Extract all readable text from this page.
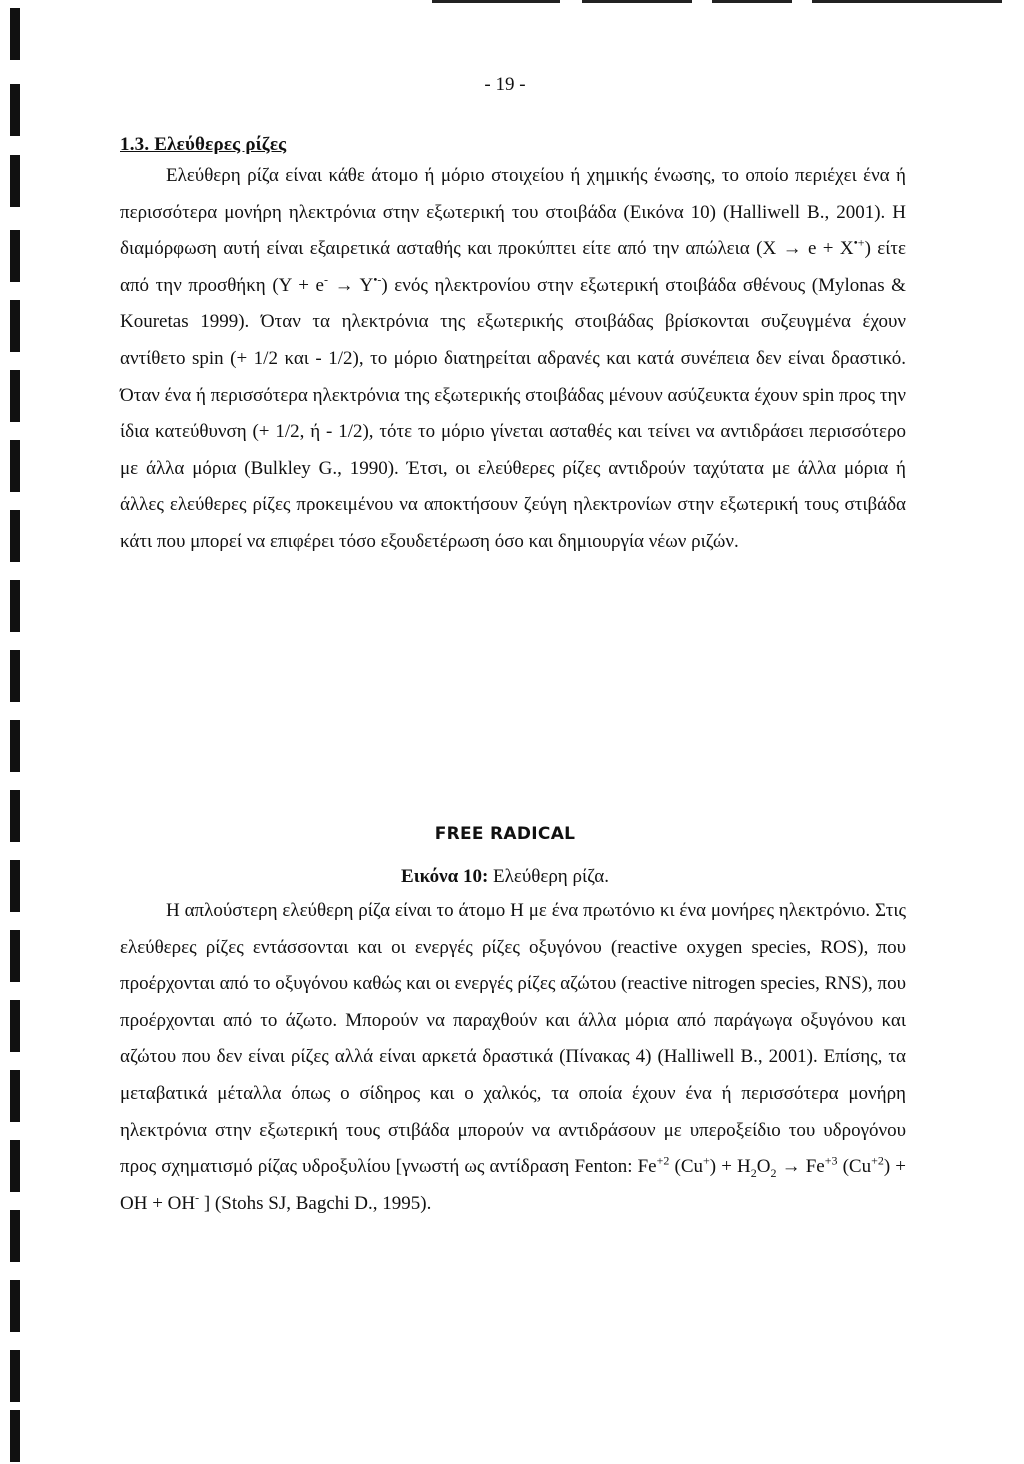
- 19 -
1.3. Ελεύθερες ρίζες

Ελεύθερη ρίζα είναι κάθε άτομο ή μόριο στοιχείου ή χημικής ένωσης, το οποίο περιέχει ένα ή περισσότερα μονήρη ηλεκτρόνια στην εξωτερική του στοιβάδα (Εικόνα 10) (Halliwell B., 2001). Η διαμόρφωση αυτή είναι εξαιρετικά ασταθής και προκύπτει είτε από την απώλεια (X → e + X•+) είτε από την προσθήκη (Y + e- → Y•-) ενός ηλεκτρονίου στην εξωτερική στοιβάδα σθένους (Mylonas & Kouretas 1999). Όταν τα ηλεκτρόνια της εξωτερικής στοιβάδας βρίσκονται συζευγμένα έχουν αντίθετο spin (+ 1/2 και - 1/2), το μόριο διατηρείται αδρανές και κατά συνέπεια δεν είναι δραστικό. Όταν ένα ή περισσότερα ηλεκτρόνια της εξωτερικής στοιβάδας μένουν ασύζευκτα έχουν spin προς την ίδια κατεύθυνση (+ 1/2, ή - 1/2), τότε το μόριο γίνεται ασταθές και τείνει να αντιδράσει περισσότερο με άλλα μόρια (Bulkley G., 1990). Έτσι, οι ελεύθερες ρίζες αντιδρούν ταχύτατα με άλλα μόρια ή άλλες ελεύθερες ρίζες προκειμένου να αποκτήσουν ζεύγη ηλεκτρονίων στην εξωτερική τους στιβάδα κάτι που μπορεί να επιφέρει τόσο εξουδετέρωση όσο και δημιουργία νέων ριζών.

FREE RADICAL
Εικόνα 10: Ελεύθερη ρίζα.

Η απλούστερη ελεύθερη ρίζα είναι το άτομο Η με ένα πρωτόνιο κι ένα μονήρες ηλεκτρόνιο. Στις ελεύθερες ρίζες εντάσσονται και οι ενεργές ρίζες οξυγόνου (reactive oxygen species, ROS), που προέρχονται από το οξυγόνου καθώς και οι ενεργές ρίζες αζώτου (reactive nitrogen species, RNS), που προέρχονται από το άζωτο. Μπορούν να παραχθούν και άλλα μόρια από παράγωγα οξυγόνου και αζώτου που δεν είναι ρίζες αλλά είναι αρκετά δραστικά (Πίνακας 4) (Halliwell B., 2001). Επίσης, τα μεταβατικά μέταλλα όπως ο σίδηρος και ο χαλκός, τα οποία έχουν ένα ή περισσότερα μονήρη ηλεκτρόνια στην εξωτερική τους στιβάδα μπορούν να αντιδράσουν με υπεροξείδιο του υδρογόνου προς σχηματισμό ρίζας υδροξυλίου [γνωστή ως αντίδραση Fenton: $Fe^{+2}$ $(Cu^+) + H_2O_2 \to Fe^{+3}$ $(Cu^{+2})$ + OH + OH- ] (Stohs SJ, Bagchi D., 1995).
